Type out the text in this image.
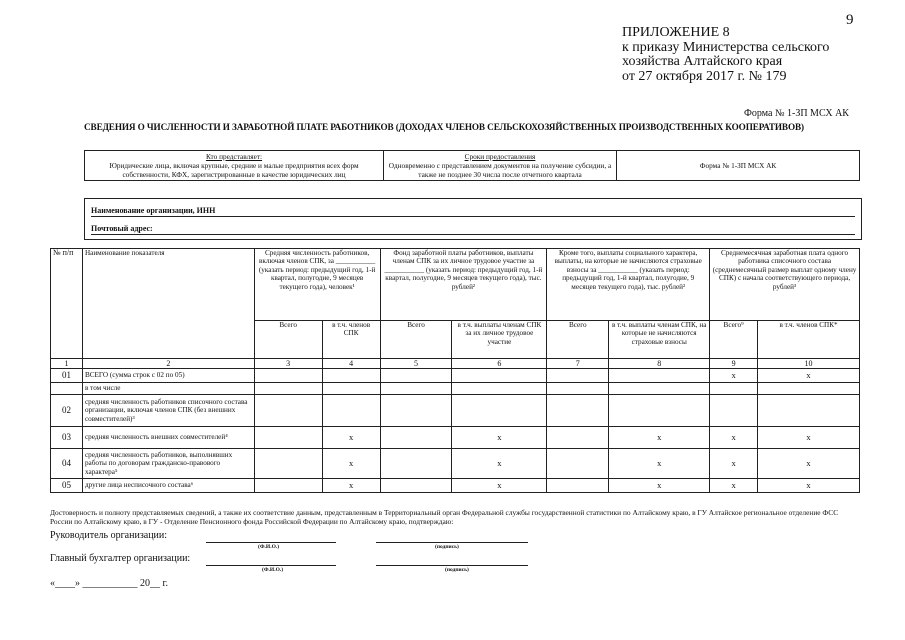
9
ПРИЛОЖЕНИЕ 8
к приказу Министерства сельского
хозяйства Алтайского края
от 27 октября 2017 г. № 179
Форма № 1-ЗП МСХ АК
СВЕДЕНИЯ О ЧИСЛЕННОСТИ И ЗАРАБОТНОЙ ПЛАТЕ РАБОТНИКОВ (ДОХОДАХ ЧЛЕНОВ СЕЛЬСКОХОЗЯЙСТВЕННЫХ ПРОИЗВОДСТВЕННЫХ КООПЕРАТИВОВ)
Кто представляет:
Юридические лица, включая крупные, средние и малые предприятия всех форм собственности, КФХ, зарегистрированные в качестве юридических лиц

Сроки предоставления
Одновременно с представлением документов на получение субсидии, а также не позднее 30 числа после отчетного квартала
	Форма № 1-ЗП МСХ АК
Наименование организации, ИНН
Почтовый адрес:
№ п/п	Наименование показателя	Средняя численность работников, включая членов СПК, за ___________ (указать период: предыдущий год, 1-й квартал, полугодие, 9 месяцев текущего года), человек¹		Фонд заработной платы работников, выплаты членам СПК за их личное трудовое участие за ___________ (указать период: предыдущий год, 1-й квартал, полугодие, 9 месяцев текущего года), тыс. рублей²		Кроме того, выплаты социального характера, выплаты, на которые не начисляются страховые взносы за ___________ (указать период: предыдущий год, 1-й квартал, полугодие, 9 месяцев текущего года), тыс. рублей²		Среднемесячная заработная плата одного работника списочного состава (среднемесячный размер выплат одному члену СПК) с начала соответствующего периода, рублей³	
		Всего	в т.ч. членов СПК	Всего	в т.ч. выплаты членам СПК за их личное трудовое участие	Всего	в т.ч. выплаты членам СПК, на которые не начисляются страховые взносы	Всего⁹	в т.ч. членов СПК*
1	2	3	4	5	6	7	8	9	10
01	ВСЕГО (сумма строк с 02 по 05)							x	x
	в том числе								
02	средняя численность работников списочного состава организации, включая членов СПК (без внешних совместителей)³								
03	средняя численность внешних совместителей⁴		x		x		x	x	x
04	средняя численность работников, выполнявших работы по договорам гражданско-правового характера⁵		x		x		x	x	x
05	другие лица несписочного состава⁶		x		x		x	x	x
Достоверность и полноту представляемых сведений, а также их соответствие данным, представленным в Территориальный орган Федеральной службы государственной статистики по Алтайскому краю, в ГУ Алтайское региональное отделение ФСС России по Алтайскому краю, в ГУ - Отделение Пенсионного фонда Российской Федерации по Алтайскому краю, подтверждаю:
Руководитель организации:
(Ф.И.О.)	(подпись)
Главный бухгалтер организации:
(Ф.И.О.)	(подпись)
«____» ___________ 20__ г.
